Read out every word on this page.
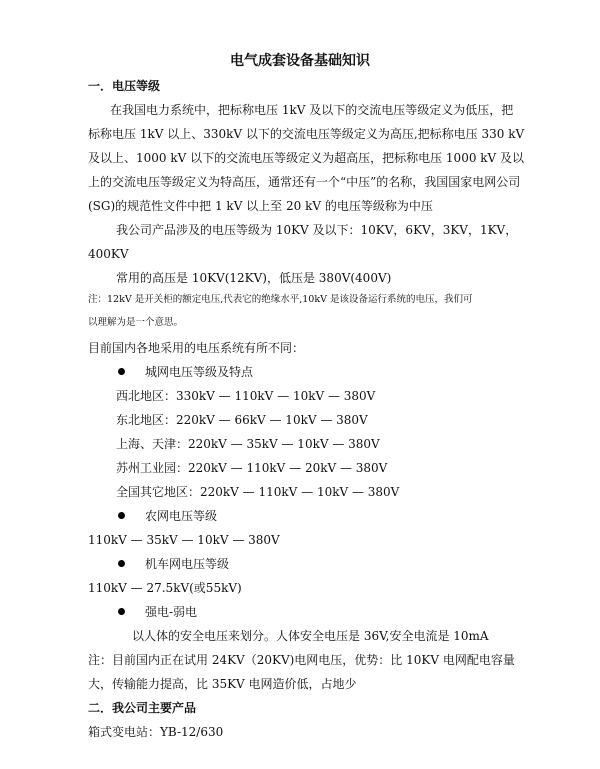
电气成套设备基础知识
一．电压等级
在我国电力系统中，把标称电压 1kV 及以下的交流电压等级定义为低压，把
标称电压 1kV 以上、330kV 以下的交流电压等级定义为高压,把标称电压 330 kV
及以上、1000 kV 以下的交流电压等级定义为超高压，把标称电压 1000 kV 及以
上的交流电压等级定义为特高压，通常还有一个“中压”的名称，我国国家电网公司
(SG)的规范性文件中把 1 kV 以上至 20 kV 的电压等级称为中压
我公司产品涉及的电压等级为 10KV 及以下：10KV，6KV，3KV，1KV，
400KV
常用的高压是 10KV(12KV)，低压是 380V(400V)
注：12kV 是开关柜的额定电压,代表它的绝缘水平,10kV 是该设备运行系统的电压，我们可
以理解为是一个意思。
目前国内各地采用的电压系统有所不同：
城网电压等级及特点
西北地区：330kV — 110kV — 10kV — 380V
东北地区：220kV — 66kV — 10kV — 380V
上海、天津：220kV — 35kV — 10kV — 380V
苏州工业园：220kV — 110kV — 20kV — 380V
全国其它地区：220kV — 110kV — 10kV — 380V
农网电压等级
110kV — 35kV — 10kV — 380V
机车网电压等级
110kV — 27.5kV(或55kV)
强电-弱电
以人体的安全电压来划分。人体安全电压是 36V,安全电流是 10mA
注：目前国内正在试用 24KV（20KV)电网电压，优势：比 10KV 电网配电容量
大，传输能力提高，比 35KV 电网造价低，占地少
二．我公司主要产品
箱式变电站：YB-12/630
